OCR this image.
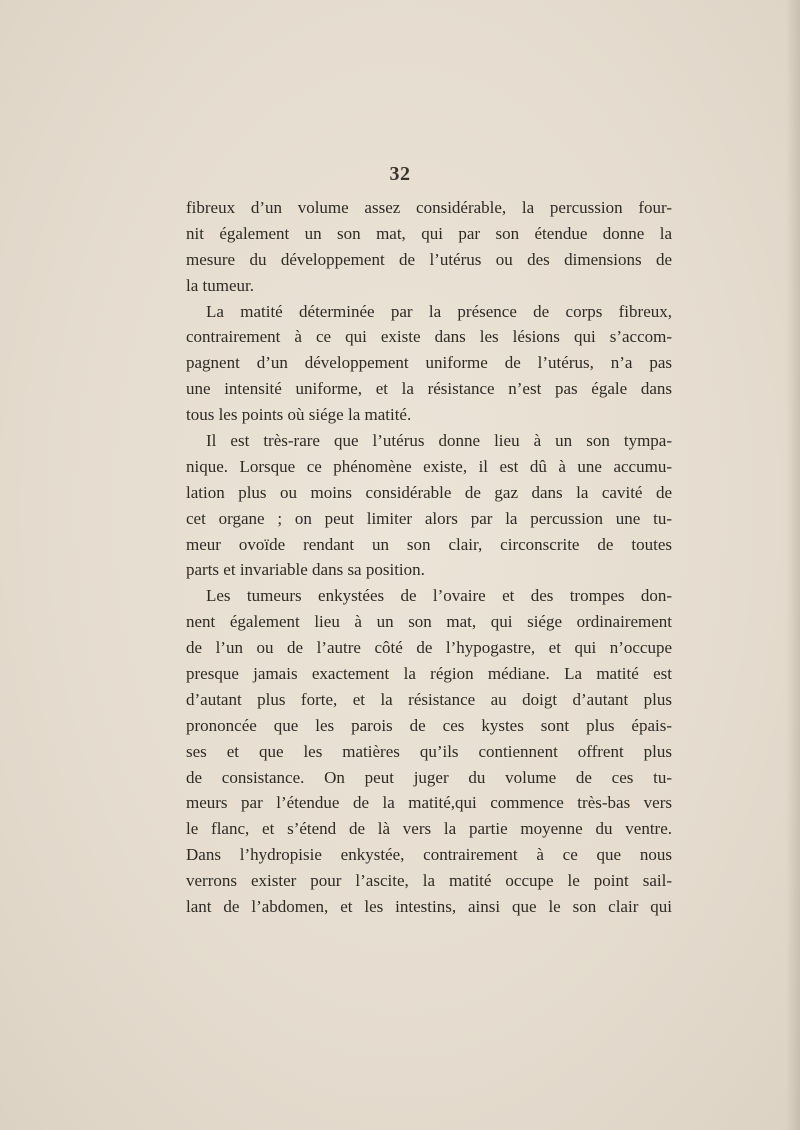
32
fibreux d’un volume assez considérable, la percussion four-
nit également un son mat, qui par son étendue donne la
mesure du développement de l’utérus ou des dimensions de
la tumeur.
La matité déterminée par la présence de corps fibreux,
contrairement à ce qui existe dans les lésions qui s’accom-
pagnent d’un développement uniforme de l’utérus, n’a pas
une intensité uniforme, et la résistance n’est pas égale dans
tous les points où siége la matité.
Il est très-rare que l’utérus donne lieu à un son tympa-
nique. Lorsque ce phénomène existe, il est dû à une accumu-
lation plus ou moins considérable de gaz dans la cavité de
cet organe ; on peut limiter alors par la percussion une tu-
meur ovoïde rendant un son clair, circonscrite de toutes
parts et invariable dans sa position.
Les tumeurs enkystées de l’ovaire et des trompes don-
nent également lieu à un son mat, qui siége ordinairement
de l’un ou de l’autre côté de l’hypogastre, et qui n’occupe
presque jamais exactement la région médiane. La matité est
d’autant plus forte, et la résistance au doigt d’autant plus
prononcée que les parois de ces kystes sont plus épais-
ses et que les matières qu’ils contiennent offrent plus
de consistance. On peut juger du volume de ces tu-
meurs par l’étendue de la matité,qui commence très-bas vers
le flanc, et s’étend de là vers la partie moyenne du ventre.
Dans l’hydropisie enkystée, contrairement à ce que nous
verrons exister pour l’ascite, la matité occupe le point sail-
lant de l’abdomen, et les intestins, ainsi que le son clair qui
